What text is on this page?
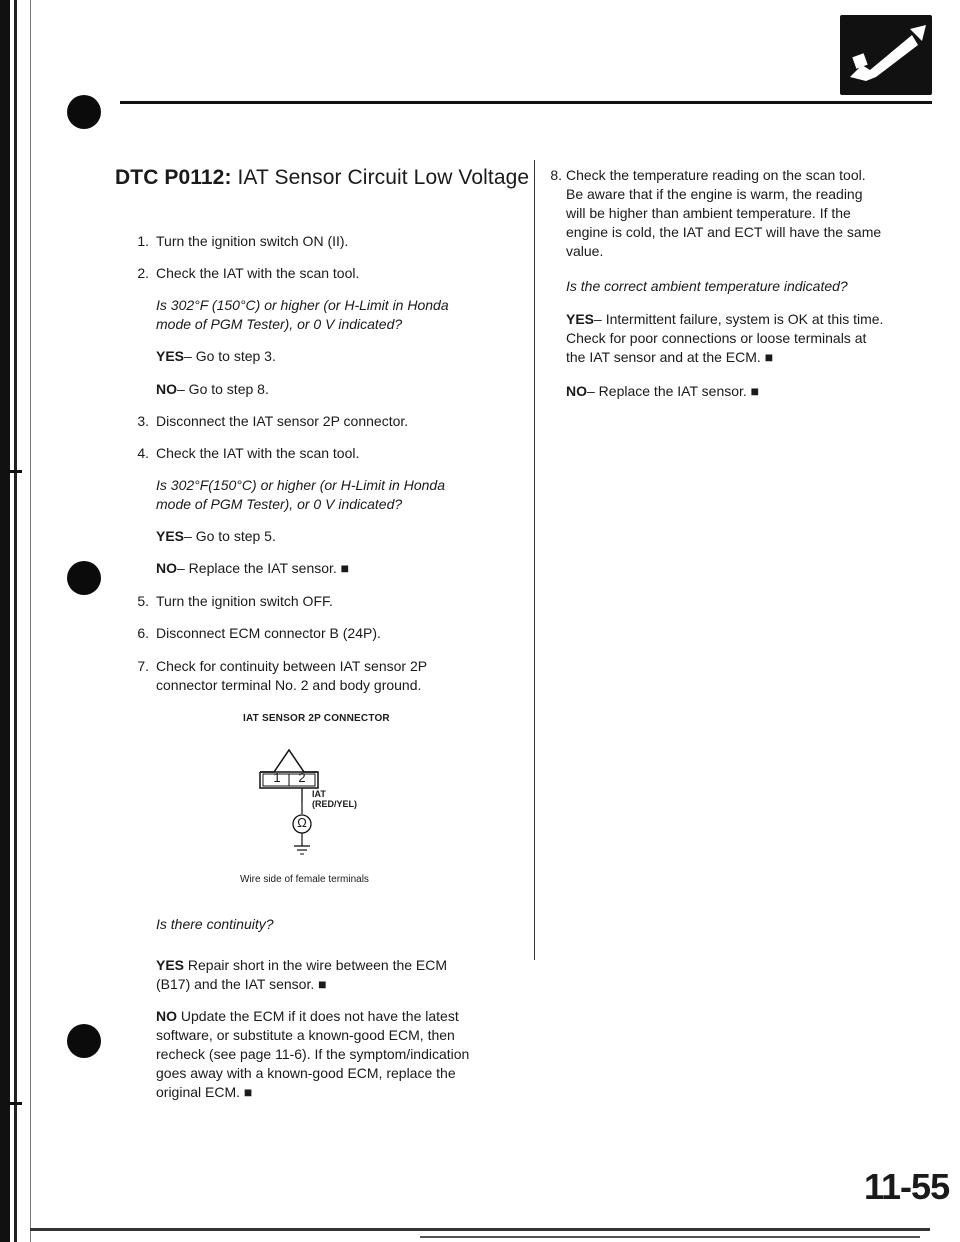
DTC P0112: IAT Sensor Circuit Low Voltage
1. Turn the ignition switch ON (II).
2. Check the IAT with the scan tool.
Is 302°F (150°C) or higher (or H-Limit in Honda
mode of PGM Tester), or 0 V indicated?
YES– Go to step 3.
NO– Go to step 8.
3. Disconnect the IAT sensor 2P connector.
4. Check the IAT with the scan tool.
Is 302°F(150°C) or higher (or H-Limit in Honda
mode of PGM Tester), or 0 V indicated?
YES– Go to step 5.
NO– Replace the IAT sensor. ■
5. Turn the ignition switch OFF.
6. Disconnect ECM connector B (24P).
7. Check for continuity between IAT sensor 2P
connector terminal No. 2 and body ground.
IAT SENSOR 2P CONNECTOR
1	2
Ω
IAT
(RED/YEL)
Wire side of female terminals
Is there continuity?
YES Repair short in the wire between the ECM
(B17) and the IAT sensor. ■
NO Update the ECM if it does not have the latest
software, or substitute a known-good ECM, then
recheck (see page 11-6). If the symptom/indication
goes away with a known-good ECM, replace the
original ECM. ■
8. Check the temperature reading on the scan tool.
Be aware that if the engine is warm, the reading
will be higher than ambient temperature. If the
engine is cold, the IAT and ECT will have the same
value.
Is the correct ambient temperature indicated?
YES– Intermittent failure, system is OK at this time.
Check for poor connections or loose terminals at
the IAT sensor and at the ECM. ■
NO– Replace the IAT sensor. ■
11-55
